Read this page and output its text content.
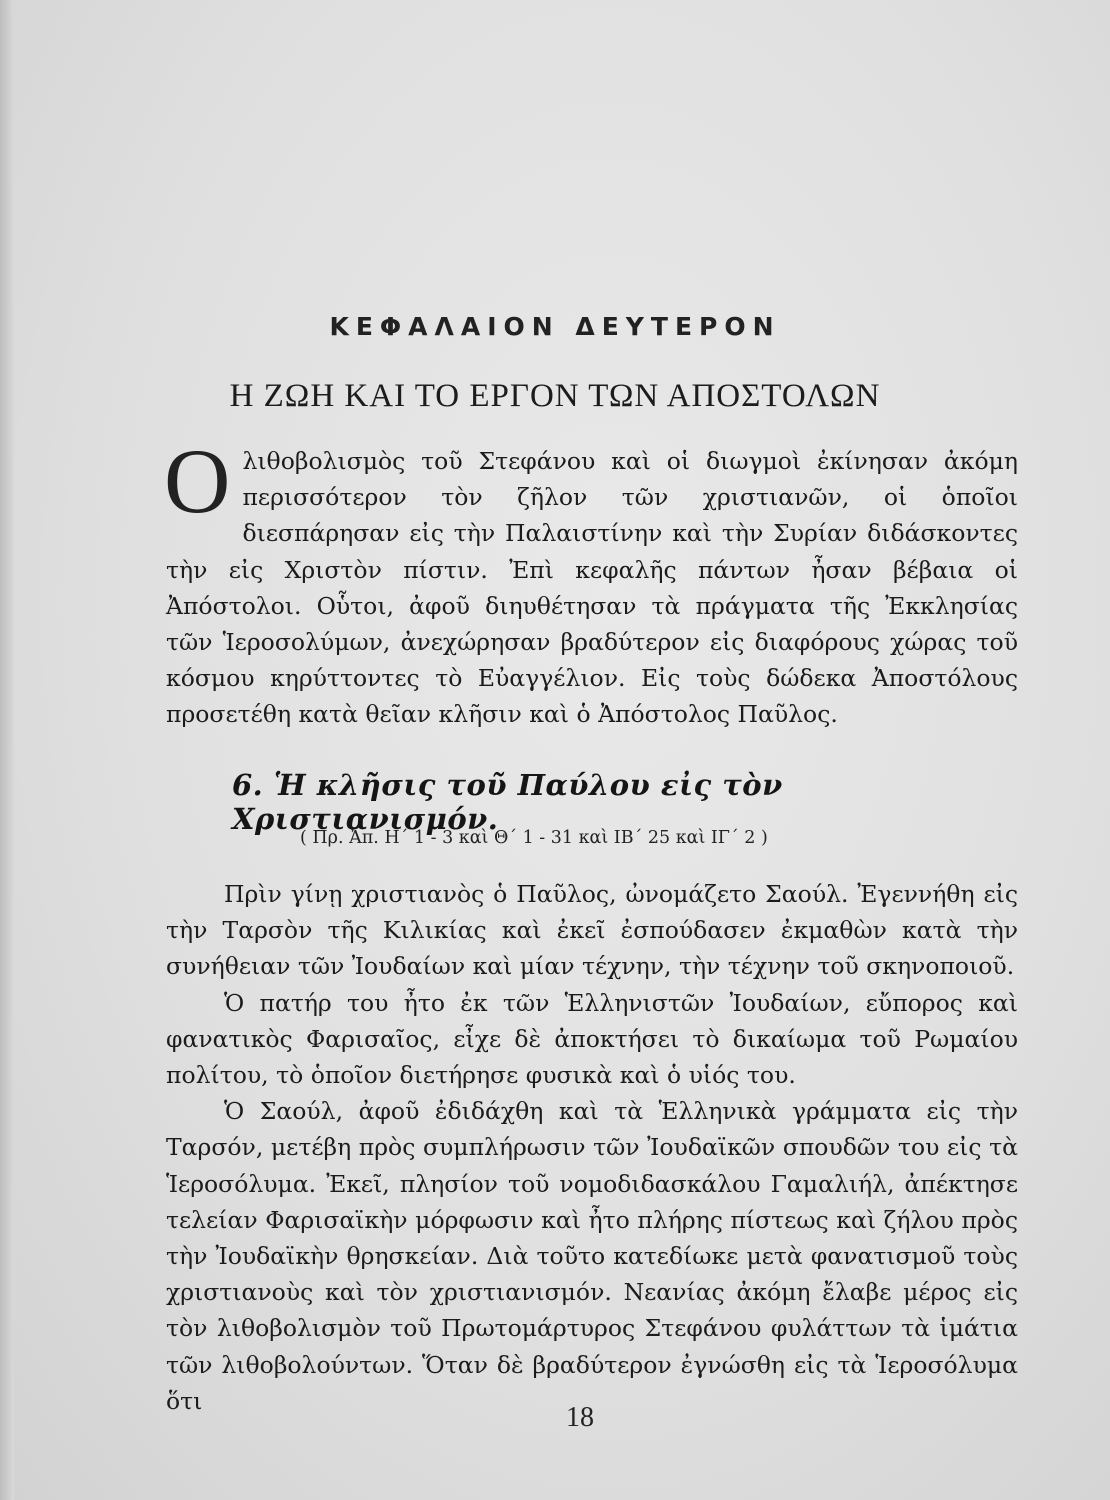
ΚΕΦΑΛΑΙΟΝ ΔΕΥΤΕΡΟΝ
Η ΖΩΗ ΚΑΙ ΤΟ ΕΡΓΟΝ ΤΩΝ ΑΠΟΣΤΟΛΩΝ
Ο λιθοβολισμὸς τοῦ Στεφάνου καὶ οἱ διωγμοὶ ἐκίνησαν ἀκόμη περισσότερον τὸν ζῆλον τῶν χριστιανῶν, οἱ ὁποῖοι διεσπάρησαν εἰς τὴν Παλαιστίνην καὶ τὴν Συρίαν διδάσκοντες τὴν εἰς Χριστὸν πίστιν. Ἐπὶ κεφαλῆς πάντων ἦσαν βέβαια οἱ Ἀπόστολοι. Οὗτοι, ἀφοῦ διηυθέτησαν τὰ πράγματα τῆς Ἐκκλησίας τῶν Ἱεροσολύμων, ἀνεχώρησαν βραδύτερον εἰς διαφόρους χώρας τοῦ κόσμου κηρύττοντες τὸ Εὐαγγέλιον. Εἰς τοὺς δώδεκα Ἀποστόλους προσετέθη κατὰ θεῖαν κλῆσιν καὶ ὁ Ἀπόστολος Παῦλος.
6. Ἡ κλῆσις τοῦ Παύλου εἰς τὸν Χριστιανισμόν.
( Πρ. Ἀπ. Η΄ 1 - 3 καὶ Θ΄ 1 - 31 καὶ ΙΒ΄ 25 καὶ ΙΓ΄ 2 )

Πρὶν γίνῃ χριστιανὸς ὁ Παῦλος, ὠνομάζετο Σαούλ. Ἐγεννήθη εἰς τὴν Ταρσὸν τῆς Κιλικίας καὶ ἐκεῖ ἐσπούδασεν ἐκμαθὼν κατὰ τὴν συνήθειαν τῶν Ἰουδαίων καὶ μίαν τέχνην, τὴν τέχνην τοῦ σκηνοποιοῦ.

Ὁ πατήρ του ἦτο ἐκ τῶν Ἑλληνιστῶν Ἰουδαίων, εὔπορος καὶ φανατικὸς Φαρισαῖος, εἶχε δὲ ἀποκτήσει τὸ δικαίωμα τοῦ Ρωμαίου πολίτου, τὸ ὁποῖον διετήρησε φυσικὰ καὶ ὁ υἱός του.

Ὁ Σαούλ, ἀφοῦ ἐδιδάχθη καὶ τὰ Ἑλληνικὰ γράμματα εἰς τὴν Ταρσόν, μετέβη πρὸς συμπλήρωσιν τῶν Ἰουδαϊκῶν σπουδῶν του εἰς τὰ Ἱεροσόλυμα. Ἐκεῖ, πλησίον τοῦ νομοδιδασκάλου Γαμαλιήλ, ἀπέκτησε τελείαν Φαρισαϊκὴν μόρφωσιν καὶ ἦτο πλήρης πίστεως καὶ ζήλου πρὸς τὴν Ἰουδαϊκὴν θρησκείαν. Διὰ τοῦτο κατεδίωκε μετὰ φανατισμοῦ τοὺς χριστιανοὺς καὶ τὸν χριστιανισμόν. Νεανίας ἀκόμη ἔλαβε μέρος εἰς τὸν λιθοβολισμὸν τοῦ Πρωτομάρτυρος Στεφάνου φυλάττων τὰ ἱμάτια τῶν λιθοβολούντων. Ὅταν δὲ βραδύτερον ἐγνώσθη εἰς τὰ Ἱεροσόλυμα ὅτι

18
